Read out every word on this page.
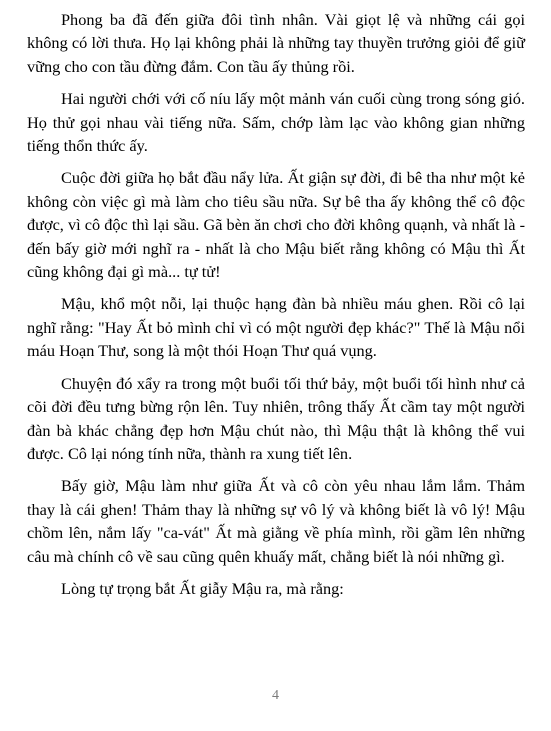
Phong ba đã đến giữa đôi tình nhân. Vài giọt lệ và những cái gọi không có lời thưa. Họ lại không phải là những tay thuyền trưởng giỏi để giữ vững cho con tầu đừng đắm. Con tầu ấy thủng rồi.

Hai người chới với cố níu lấy một mảnh ván cuối cùng trong sóng gió. Họ thử gọi nhau vài tiếng nữa. Sấm, chớp làm lạc vào không gian những tiếng thổn thức ấy.

Cuộc đời giữa họ bắt đầu nẩy lửa. Ất giận sự đời, đi bê tha như một kẻ không còn việc gì mà làm cho tiêu sầu nữa. Sự bê tha ấy không thể cô độc được, vì cô độc thì lại sầu. Gã bèn ăn chơi cho đời không quạnh, và nhất là - đến bấy giờ mới nghĩ ra - nhất là cho Mậu biết rằng không có Mậu thì Ất cũng không đại gì mà... tự tử!

Mậu, khổ một nỗi, lại thuộc hạng đàn bà nhiều máu ghen. Rồi cô lại nghĩ rằng: "Hay Ất bỏ mình chỉ vì có một người đẹp khác?" Thế là Mậu nổi máu Hoạn Thư, song là một thói Hoạn Thư quá vụng.

Chuyện đó xẩy ra trong một buổi tối thứ bảy, một buổi tối hình như cả cõi đời đều tưng bừng rộn lên. Tuy nhiên, trông thấy Ất cầm tay một người đàn bà khác chẳng đẹp hơn Mậu chút nào, thì Mậu thật là không thể vui được. Cô lại nóng tính nữa, thành ra xung tiết lên.

Bấy giờ, Mậu làm như giữa Ất và cô còn yêu nhau lắm lắm. Thảm thay là cái ghen! Thảm thay là những sự vô lý và không biết là vô lý! Mậu chồm lên, nắm lấy "ca-vát" Ất mà giằng về phía mình, rồi gầm lên những câu mà chính cô về sau cũng quên khuấy mất, chẳng biết là nói những gì.

Lòng tự trọng bắt Ất giẫy Mậu ra, mà rằng:

4
